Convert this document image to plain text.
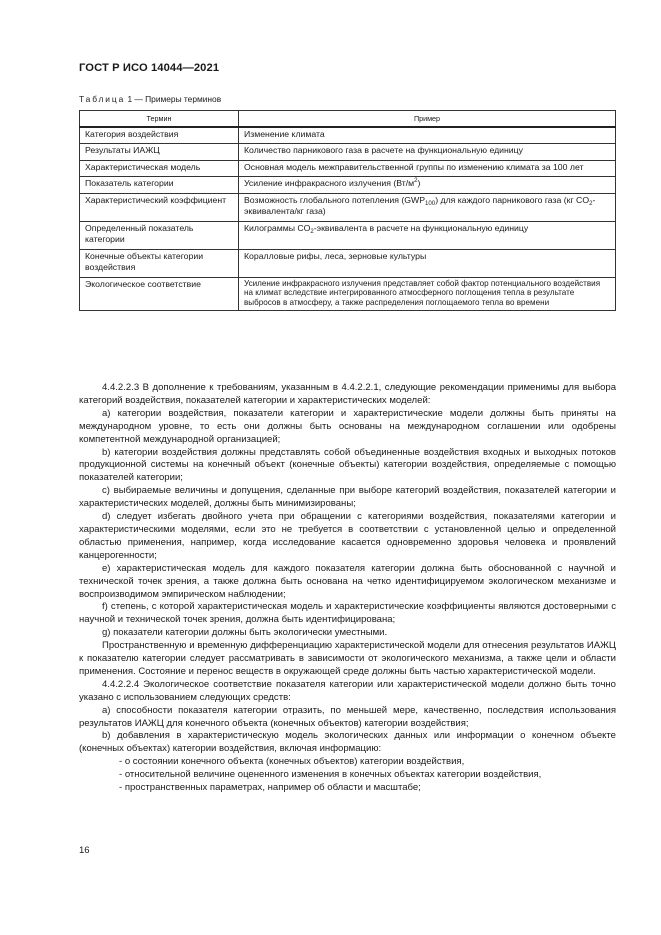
ГОСТ Р ИСО 14044—2021
Таблица 1 — Примеры терминов
Термин	Пример
Категория воздействия	Изменение климата
Результаты ИАЖЦ	Количество парникового газа в расчете на функциональную единицу
Характеристическая модель	Основная модель межправительственной группы по изменению климата за 100 лет
Показатель категории	Усиление инфракрасного излучения $(Вт/м^2)$
Характеристический коэффициент	Возможность глобального потепления $(GWP_{100})$ для каждого парникового газа (кг $CO_2-эквивалента/кг$ газа)
Определенный показатель категории	Килограммы $CO_2$-эквивалента в расчете на функциональную единицу
Конечные объекты категории воздействия	Коралловые рифы, леса, зерновые культуры
Экологическое соответствие	Усиление инфракрасного излучения представляет собой фактор потенциального воздействия на климат вследствие интегрированного атмосферного поглощения тепла в результате выбросов в атмосферу, а также распределения поглощаемого тепла во времени

4.4.2.2.3 В дополнение к требованиям, указанным в 4.4.2.2.1, следующие рекомендации применимы для выбора категорий воздействия, показателей категории и характеристических моделей:

a) категории воздействия, показатели категории и характеристические модели должны быть приняты на международном уровне, то есть они должны быть основаны на международном соглашении или одобрены компетентной международной организацией;

b) категории воздействия должны представлять собой объединенные воздействия входных и выходных потоков продукционной системы на конечный объект (конечные объекты) категории воздействия, определяемые с помощью показателей категории;

c) выбираемые величины и допущения, сделанные при выборе категорий воздействия, показателей категории и характеристических моделей, должны быть минимизированы;

d) следует избегать двойного учета при обращении с категориями воздействия, показателями категории и характеристическими моделями, если это не требуется в соответствии с установленной целью и определенной областью применения, например, когда исследование касается одновременно здоровья человека и проявлений канцерогенности;

e) характеристическая модель для каждого показателя категории должна быть обоснованной с научной и технической точек зрения, а также должна быть основана на четко идентифицируемом экологическом механизме и воспроизводимом эмпирическом наблюдении;

f) степень, с которой характеристическая модель и характеристические коэффициенты являются достоверными с научной и технической точек зрения, должна быть идентифицирована;

g) показатели категории должны быть экологически уместными.

Пространственную и временную дифференциацию характеристической модели для отнесения результатов ИАЖЦ к показателю категории следует рассматривать в зависимости от экологического механизма, а также цели и области применения. Состояние и перенос веществ в окружающей среде должны быть частью характеристической модели.

4.4.2.2.4 Экологическое соответствие показателя категории или характеристической модели должно быть точно указано с использованием следующих средств:

a) способности показателя категории отразить, по меньшей мере, качественно, последствия использования результатов ИАЖЦ для конечного объекта (конечных объектов) категории воздействия;

b) добавления в характеристическую модель экологических данных или информации о конечном объекте (конечных объектах) категории воздействия, включая информацию:

- о состоянии конечного объекта (конечных объектов) категории воздействия,

- относительной величине оцененного изменения в конечных объектах категории воздействия,

- пространственных параметрах, например об области и масштабе;

16
